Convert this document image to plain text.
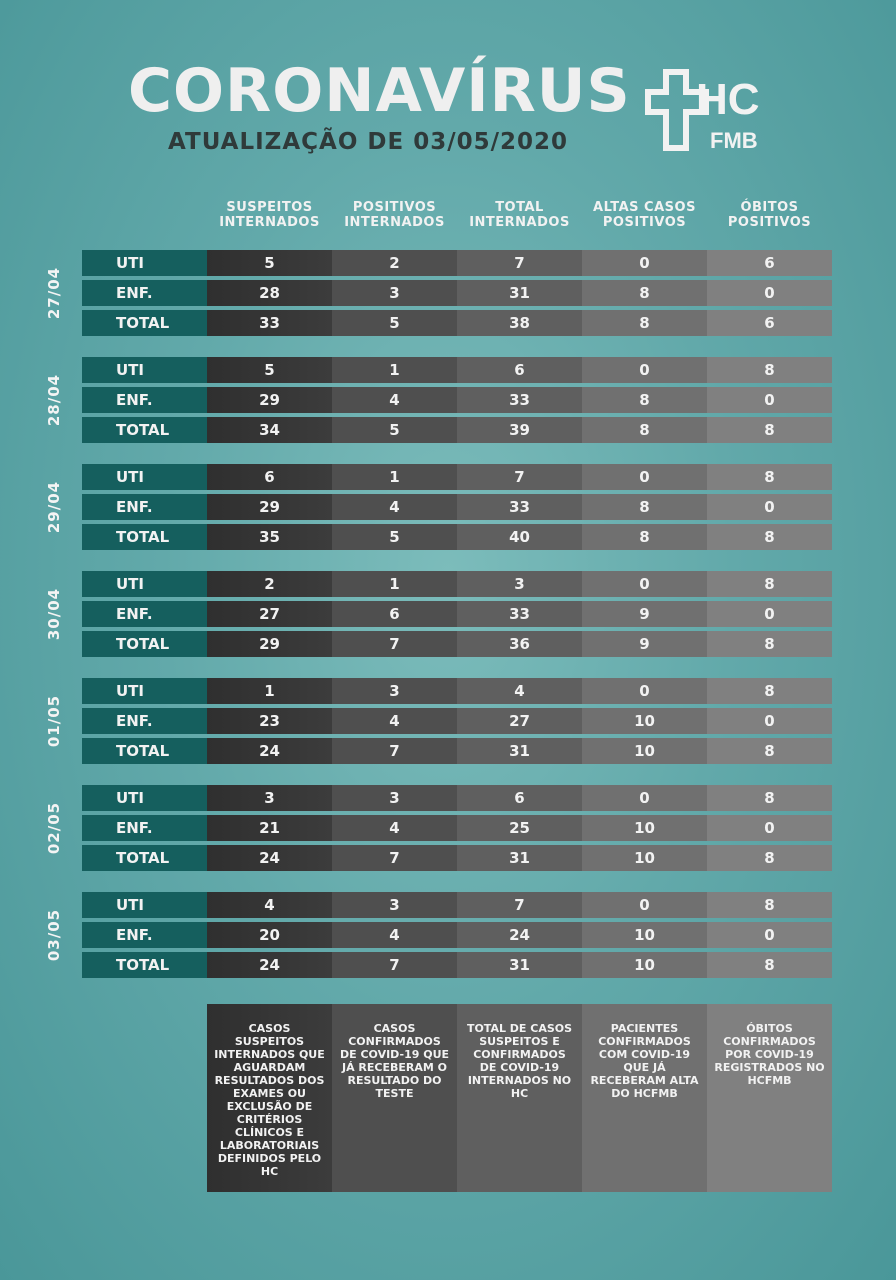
CORONAVÍRUS
ATUALIZAÇÃO DE 03/05/2020
HC
FMB
SUSPEITOS
INTERNADOS
POSITIVOS
INTERNADOS
TOTAL
INTERNADOS
ALTAS CASOS
POSITIVOS
ÓBITOS
POSITIVOS
27/04
UTI	5	2	7	0	6
ENF.	28	3	31	8	0
TOTAL	33	5	38	8	6
28/04
UTI	5	1	6	0	8
ENF.	29	4	33	8	0
TOTAL	34	5	39	8	8
29/04
UTI	6	1	7	0	8
ENF.	29	4	33	8	0
TOTAL	35	5	40	8	8
30/04
UTI	2	1	3	0	8
ENF.	27	6	33	9	0
TOTAL	29	7	36	9	8
01/05
UTI	1	3	4	0	8
ENF.	23	4	27	10	0
TOTAL	24	7	31	10	8
02/05
UTI	3	3	6	0	8
ENF.	21	4	25	10	0
TOTAL	24	7	31	10	8
03/05
UTI	4	3	7	0	8
ENF.	20	4	24	10	0
TOTAL	24	7	31	10	8
CASOS SUSPEITOS INTERNADOS QUE AGUARDAM RESULTADOS DOS EXAMES OU EXCLUSÃO DE CRITÉRIOS CLÍNICOS E LABORATORIAIS DEFINIDOS PELO HC
CASOS CONFIRMADOS DE COVID-19 QUE JÁ RECEBERAM O RESULTADO DO TESTE
TOTAL DE CASOS SUSPEITOS E CONFIRMADOS DE COVID-19 INTERNADOS NO HC
PACIENTES CONFIRMADOS COM COVID-19 QUE JÁ RECEBERAM ALTA DO HCFMB
ÓBITOS CONFIRMADOS POR COVID-19 REGISTRADOS NO HCFMB
